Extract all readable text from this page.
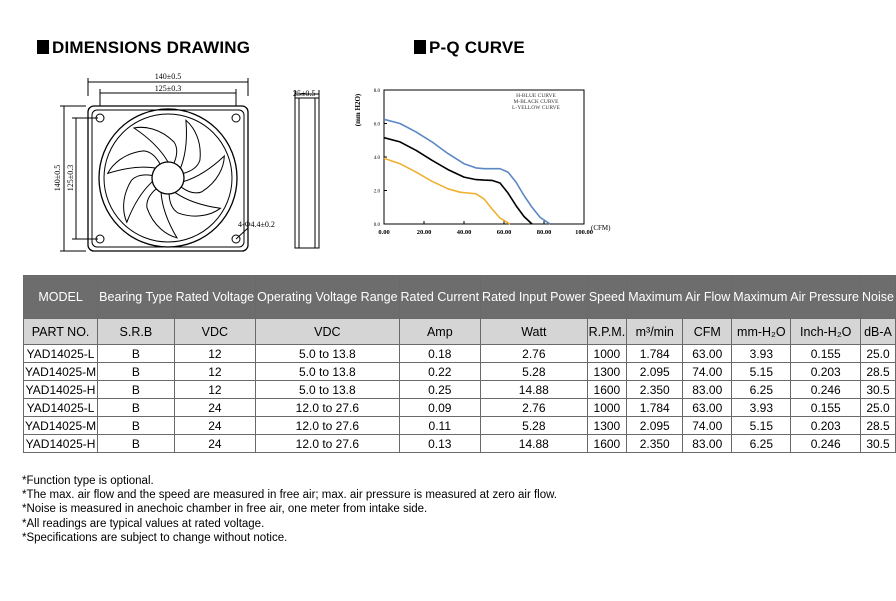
DIMENSIONS DRAWING	P-Q CURVE
140±0.5
125±0.3
140±0.5 125±0.3
25±0.5
4-Φ4.4±0.2
0.00	20.00	40.00	60.00	80.00	100.00
0.0
2.0
4.0
6.0
8.0
H-BLUE CURVE
M-BLACK CURVE
L-YELLOW CURVE
(mm H2O)
(CFM)
MODEL	Bearing Type	Rated Voltage	Operating Voltage Range	Rated Current	Rated Input Power	Speed	Maximum Air Flow		Maximum Air Pressure		Noise
PART NO.	S.R.B	VDC	VDC	Amp	Watt	R.P.M.	m³/min	CFM	mm-H₂O	Inch-H₂O	dB-A
YAD14025-L	B	12	5.0 to 13.8	0.18	2.76	1000	1.784	63.00	3.93	0.155	25.0
YAD14025-M	B	12	5.0 to 13.8	0.22	5.28	1300	2.095	74.00	5.15	0.203	28.5
YAD14025-H	B	12	5.0 to 13.8	0.25	14.88	1600	2.350	83.00	6.25	0.246	30.5
YAD14025-L	B	24	12.0 to 27.6	0.09	2.76	1000	1.784	63.00	3.93	0.155	25.0
YAD14025-M	B	24	12.0 to 27.6	0.11	5.28	1300	2.095	74.00	5.15	0.203	28.5
YAD14025-H	B	24	12.0 to 27.6	0.13	14.88	1600	2.350	83.00	6.25	0.246	30.5
*Function type is optional.
*The max. air flow and the speed are measured in free air; max. air pressure is measured at zero air flow.
*Noise is measured in anechoic chamber in free air, one meter from intake side.
*All readings are typical values at rated voltage.
*Specifications are subject to change without notice.
